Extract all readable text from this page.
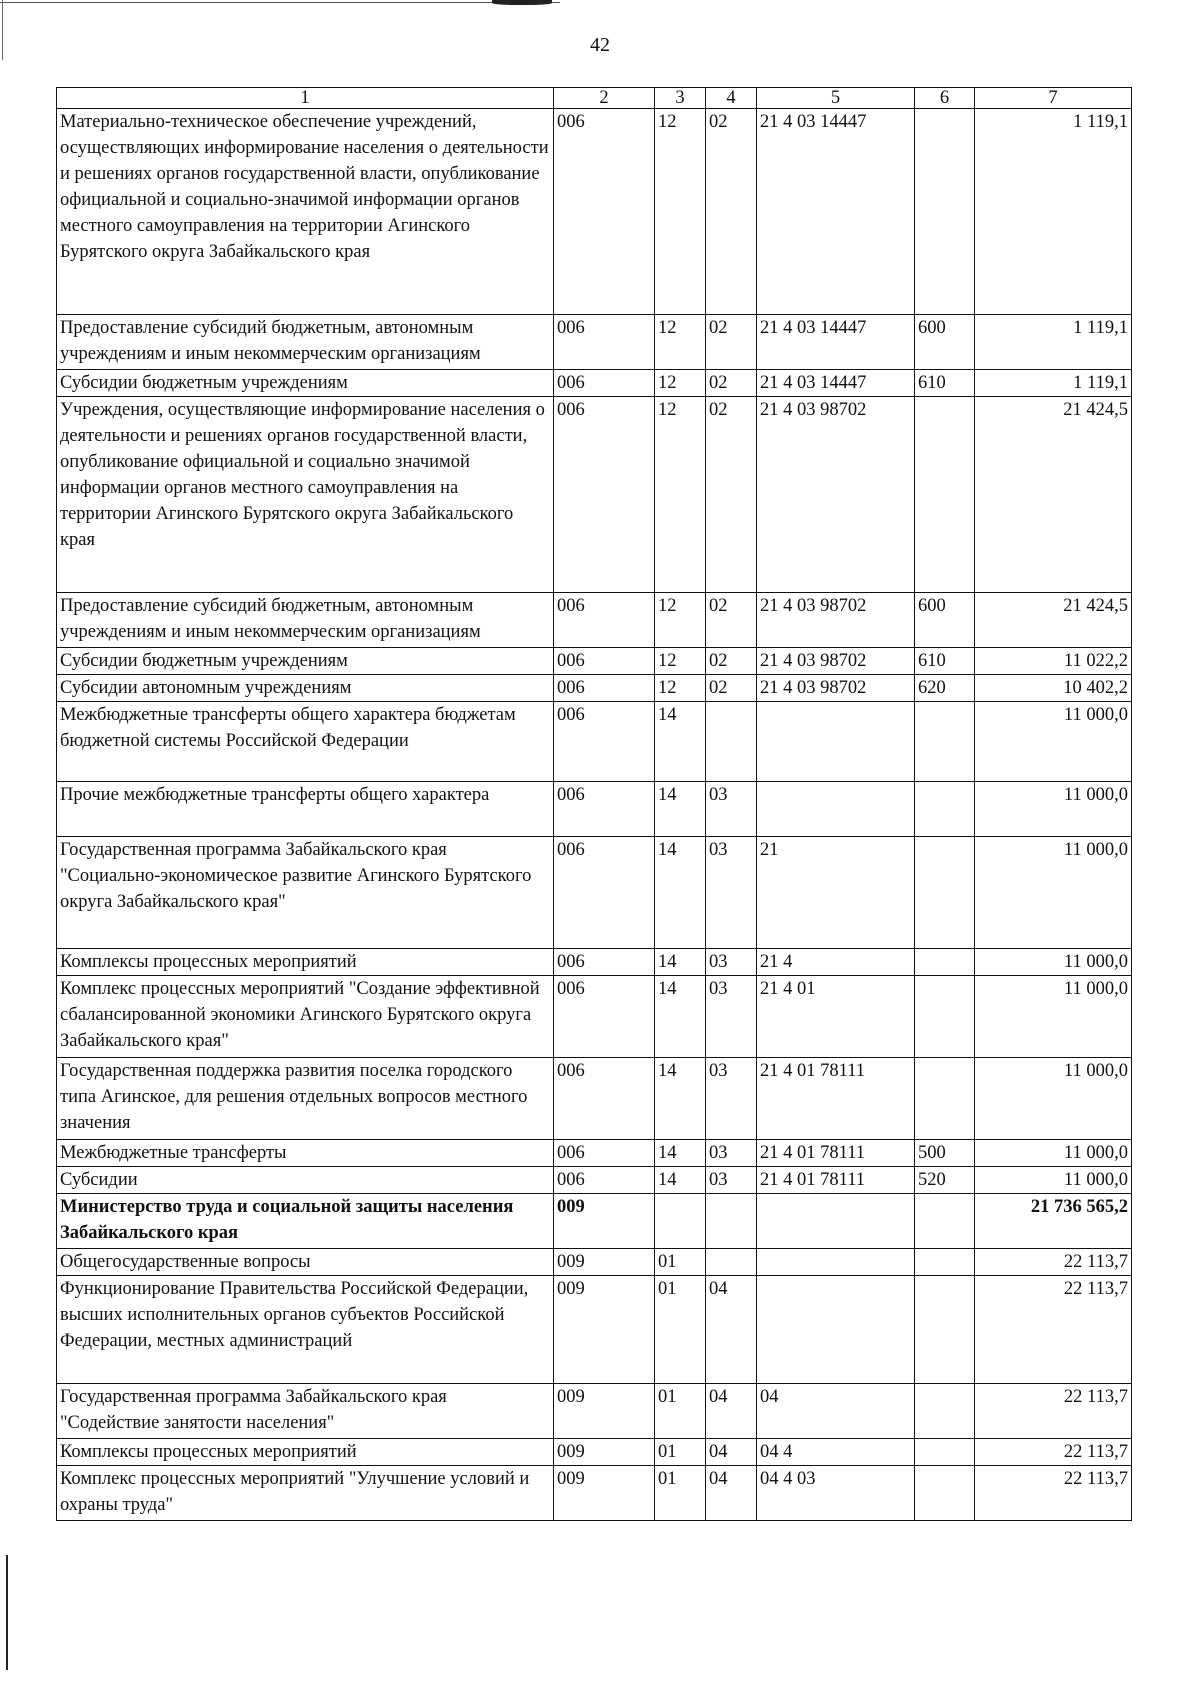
42
1	2	3	4	5	6	7
Материально-техническое обеспечение учреждений, осуществляющих информирование населения о деятельности и решениях органов государственной власти, опубликование официальной и социально-значимой информации органов местного самоуправления на территории Агинского Бурятского округа Забайкальского края	006	12	02	21 4 03 14447		1 119,1
Предоставление субсидий бюджетным, автономным учреждениям и иным некоммерческим организациям	006	12	02	21 4 03 14447	600	1 119,1
Субсидии бюджетным учреждениям	006	12	02	21 4 03 14447	610	1 119,1
Учреждения, осуществляющие информирование населения о деятельности и решениях органов государственной власти, опубликование официальной и социально значимой информации органов местного самоуправления на территории Агинского Бурятского округа Забайкальского края	006	12	02	21 4 03 98702		21 424,5
Предоставление субсидий бюджетным, автономным учреждениям и иным некоммерческим организациям	006	12	02	21 4 03 98702	600	21 424,5
Субсидии бюджетным учреждениям	006	12	02	21 4 03 98702	610	11 022,2
Субсидии автономным учреждениям	006	12	02	21 4 03 98702	620	10 402,2
Межбюджетные трансферты общего характера бюджетам бюджетной системы Российской Федерации	006	14				11 000,0
Прочие межбюджетные трансферты общего характера	006	14	03			11 000,0
Государственная программа Забайкальского края "Социально-экономическое развитие Агинского Бурятского округа Забайкальского края"	006	14	03	21		11 000,0
Комплексы процессных мероприятий	006	14	03	21 4		11 000,0
Комплекс процессных мероприятий "Создание эффективной сбалансированной экономики Агинского Бурятского округа Забайкальского края"	006	14	03	21 4 01		11 000,0
Государственная поддержка развития поселка городского типа Агинское, для решения отдельных вопросов местного значения	006	14	03	21 4 01 78111		11 000,0
Межбюджетные трансферты	006	14	03	21 4 01 78111	500	11 000,0
Субсидии	006	14	03	21 4 01 78111	520	11 000,0
Министерство труда и социальной защиты населения Забайкальского края	009					21 736 565,2
Общегосударственные вопросы	009	01				22 113,7
Функционирование Правительства Российской Федерации, высших исполнительных органов субъектов Российской Федерации, местных администраций	009	01	04			22 113,7
Государственная программа Забайкальского края "Содействие занятости населения"	009	01	04	04		22 113,7
Комплексы процессных мероприятий	009	01	04	04 4		22 113,7
Комплекс процессных мероприятий "Улучшение условий и охраны труда"	009	01	04	04 4 03		22 113,7
